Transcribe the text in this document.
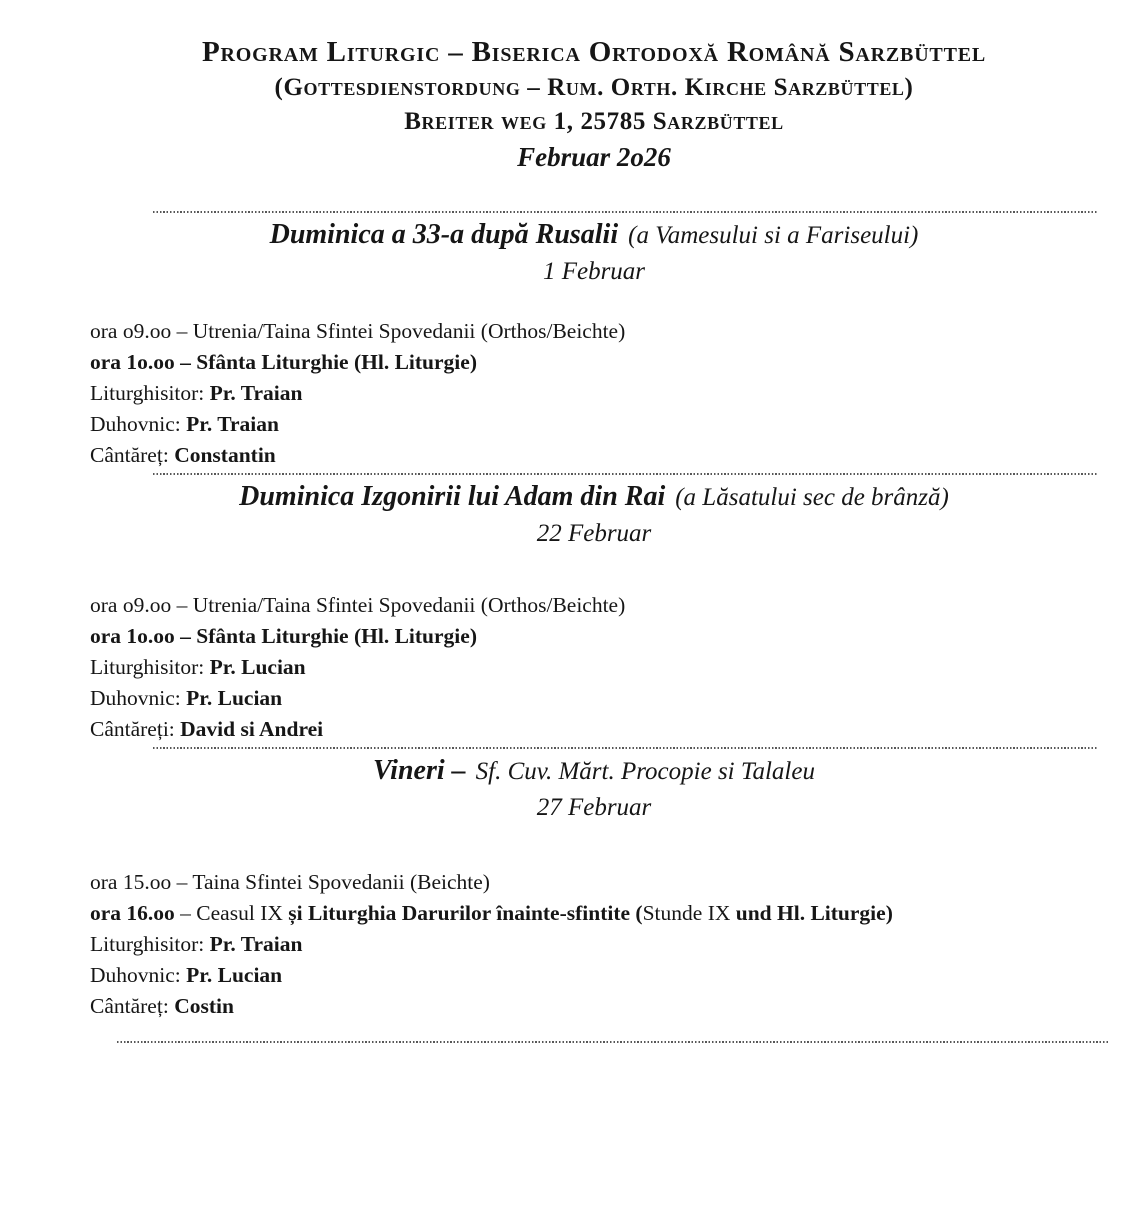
Program Liturgic – Biserica Ortodoxă Română Sarzbüttel
(Gottesdienstordung – Rum. Orth. Kirche Sarzbüttel)
Breiter weg 1, 25785 Sarzbüttel
Februar 2o26
Duminica a 33-a după Rusalii (a Vamesului si a Fariseului)
1 Februar
ora o9.oo – Utrenia/Taina Sfintei Spovedanii (Orthos/Beichte)
ora 1o.oo – Sfânta Liturghie (Hl. Liturgie)
Liturghisitor: Pr. Traian
Duhovnic: Pr. Traian
Cântăreț: Constantin
Duminica Izgonirii lui Adam din Rai (a Lăsatului sec de brânză)
22 Februar
ora o9.oo – Utrenia/Taina Sfintei Spovedanii (Orthos/Beichte)
ora 1o.oo – Sfânta Liturghie (Hl. Liturgie)
Liturghisitor: Pr. Lucian
Duhovnic: Pr. Lucian
Cântăreți: David si Andrei
Vineri – Sf. Cuv. Mărt. Procopie si Talaleu
27 Februar
ora 15.oo – Taina Sfintei Spovedanii (Beichte)
ora 16.oo – Ceasul IX și Liturghia Darurilor înainte-sfintite (Stunde IX und Hl. Liturgie)
Liturghisitor: Pr. Traian
Duhovnic: Pr. Lucian
Cântăreț: Costin
